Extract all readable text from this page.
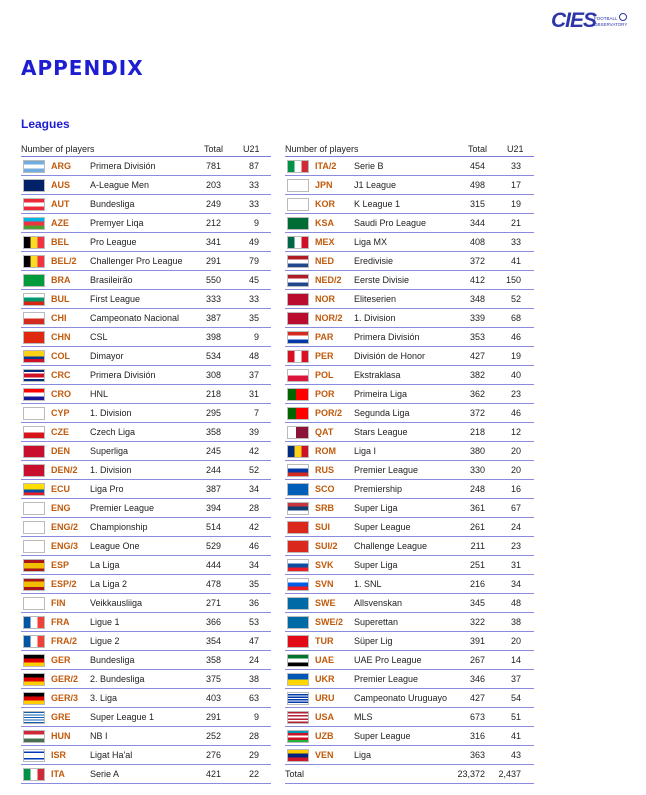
CIES
FOOTBALL OBSERVATORY
APPENDIX
Leagues
Number of players	Total U21
ARG Primera División	781	87
AUS A-League Men	203	33
AUT Bundesliga	249	33
AZE Premyer Liqa	212	9
BEL Pro League	341	49
BEL/2 Challenger Pro League	291	79
BRA Brasileirão	550	45
BUL First League	333	33
CHI	Campeonato Nacional	387	35
CHN CSL	398	9
COL Dimayor	534	48
CRC Primera División	308	37
CRO HNL	218	31
CYP 1. Division	295	7
CZE Czech Liga	358	39
DEN Superliga	245	42
DEN/2 1. Division	244	52
ECU Liga Pro	387	34
ENG Premier League	394	28
ENG/2 Championship	514	42
ENG/3 League One	529	46
ESP La Liga	444	34
ESP/2 La Liga 2	478	35
FIN	Veikkausliiga	271	36
FRA Ligue 1	366	53
FRA/2 Ligue 2	354	47
GER Bundesliga	358	24
GER/2 2. Bundesliga	375	38
GER/3 3. Liga	403	63
GRE Super League 1	291	9
HUN NB I	252	28
ISR	Ligat Ha'al	276	29
ITA	Serie A	421	22
Number of players	Total U21
ITA/2 Serie B	454	33
JPN J1 League	498	17
KOR K League 1	315	19
KSA Saudi Pro League	344	21
MEX Liga MX	408	33
NED Eredivisie	372	41
NED/2 Eerste Divisie	412	150
NOR Eliteserien	348	52
NOR/2 1. Division	339	68
PAR Primera División	353	46
PER División de Honor	427	19
POL Ekstraklasa	382	40
POR Primeira Liga	362	23
POR/2 Segunda Liga	372	46
QAT Stars League	218	12
ROM Liga I	380	20
RUS Premier League	330	20
SCO Premiership	248	16
SRB Super Liga	361	67
SUI	Super League	261	24
SUI/2 Challenge League	211	23
SVK Super Liga	251	31
SVN 1. SNL	216	34
SWE Allsvenskan	345	48
SWE/2 Superettan	322	38
TUR Süper Lig	391	20
UAE UAE Pro League	267	14
UKR Premier League	346	37
URU Campeonato Uruguayo	427	54
USA MLS	673	51
UZB Super League	316	41
VEN Liga	363	43
Total	23,372	2,437
